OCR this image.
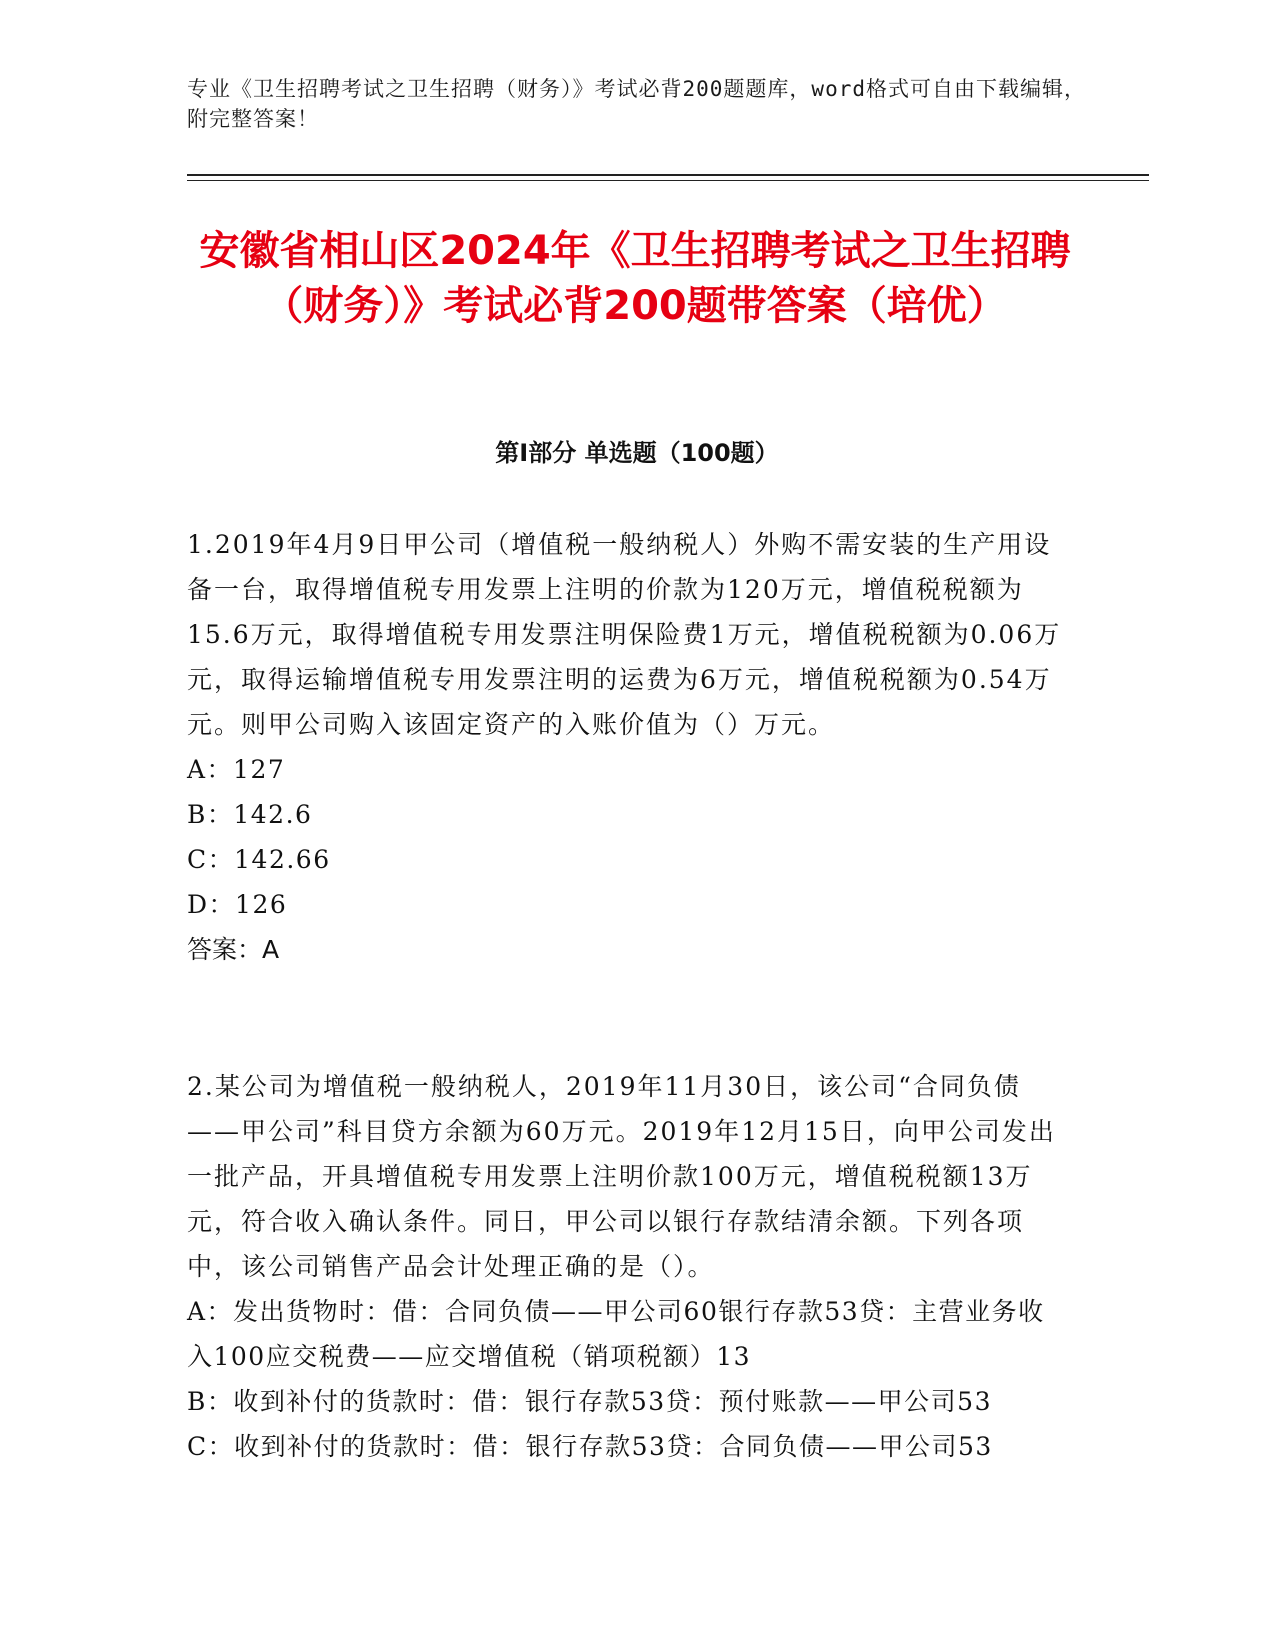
专业《卫生招聘考试之卫生招聘（财务）》考试必背200题题库，word格式可自由下载编辑，附完整答案！
安徽省相山区2024年《卫生招聘考试之卫生招聘（财务）》考试必背200题带答案（培优）
第I部分 单选题（100题）

1.2019年4月9日甲公司（增值税一般纳税人）外购不需安装的生产用设备一台，取得增值税专用发票上注明的价款为120万元，增值税税额为15.6万元，取得增值税专用发票注明保险费1万元，增值税税额为0.06万元，取得运输增值税专用发票注明的运费为6万元，增值税税额为0.54万元。则甲公司购入该固定资产的入账价值为（）万元。

A：127

B：142.6

C：142.66

D：126

答案：A

2.某公司为增值税一般纳税人，2019年11月30日，该公司“合同负债——甲公司”科目贷方余额为60万元。2019年12月15日，向甲公司发出一批产品，开具增值税专用发票上注明价款100万元，增值税税额13万元，符合收入确认条件。同日，甲公司以银行存款结清余额。下列各项中，该公司销售产品会计处理正确的是（）。

A：发出货物时：借：合同负债——甲公司60银行存款53贷：主营业务收入100应交税费——应交增值税（销项税额）13

B：收到补付的货款时：借：银行存款53贷：预付账款——甲公司53

C：收到补付的货款时：借：银行存款53贷：合同负债——甲公司53
